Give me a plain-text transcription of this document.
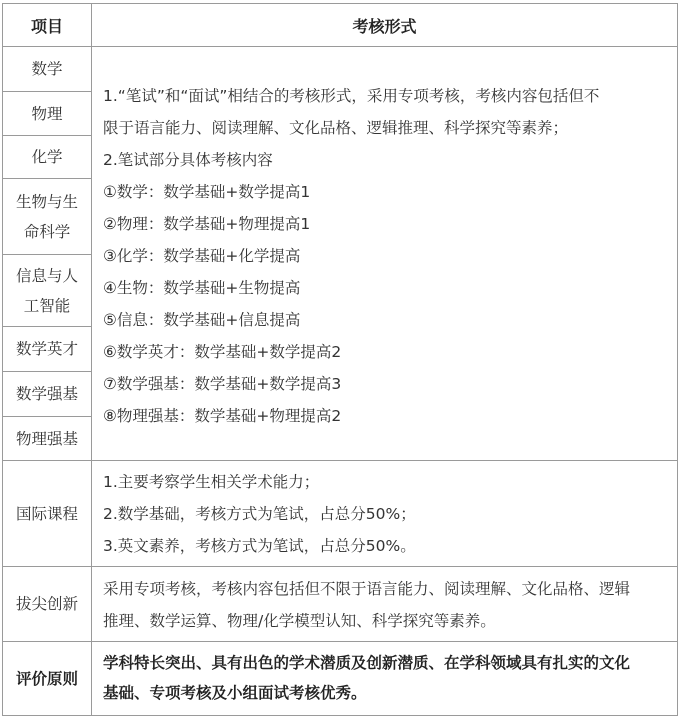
项目	考核形式
数学
物理
化学
生物与生
命科学
信息与人
工智能
数学英才
数学强基
物理强基
国际课程
拔尖创新
评价原则
1.“笔试”和“面试”相结合的考核形式，采用专项考核，考核内容包括但不
限于语言能力、阅读理解、文化品格、逻辑推理、科学探究等素养；
2.笔试部分具体考核内容
①数学：数学基础+数学提高1
②物理：数学基础+物理提高1
③化学：数学基础+化学提高
④生物：数学基础+生物提高
⑤信息：数学基础+信息提高
⑥数学英才：数学基础+数学提高2
⑦数学强基：数学基础+数学提高3
⑧物理强基：数学基础+物理提高2
1.主要考察学生相关学术能力；
2.数学基础，考核方式为笔试，占总分50%；
3.英文素养，考核方式为笔试，占总分50%。
采用专项考核，考核内容包括但不限于语言能力、阅读理解、文化品格、逻辑
推理、数学运算、物理/化学模型认知、科学探究等素养。
学科特长突出、具有出色的学术潜质及创新潜质、在学科领域具有扎实的文化
基础、专项考核及小组面试考核优秀。
